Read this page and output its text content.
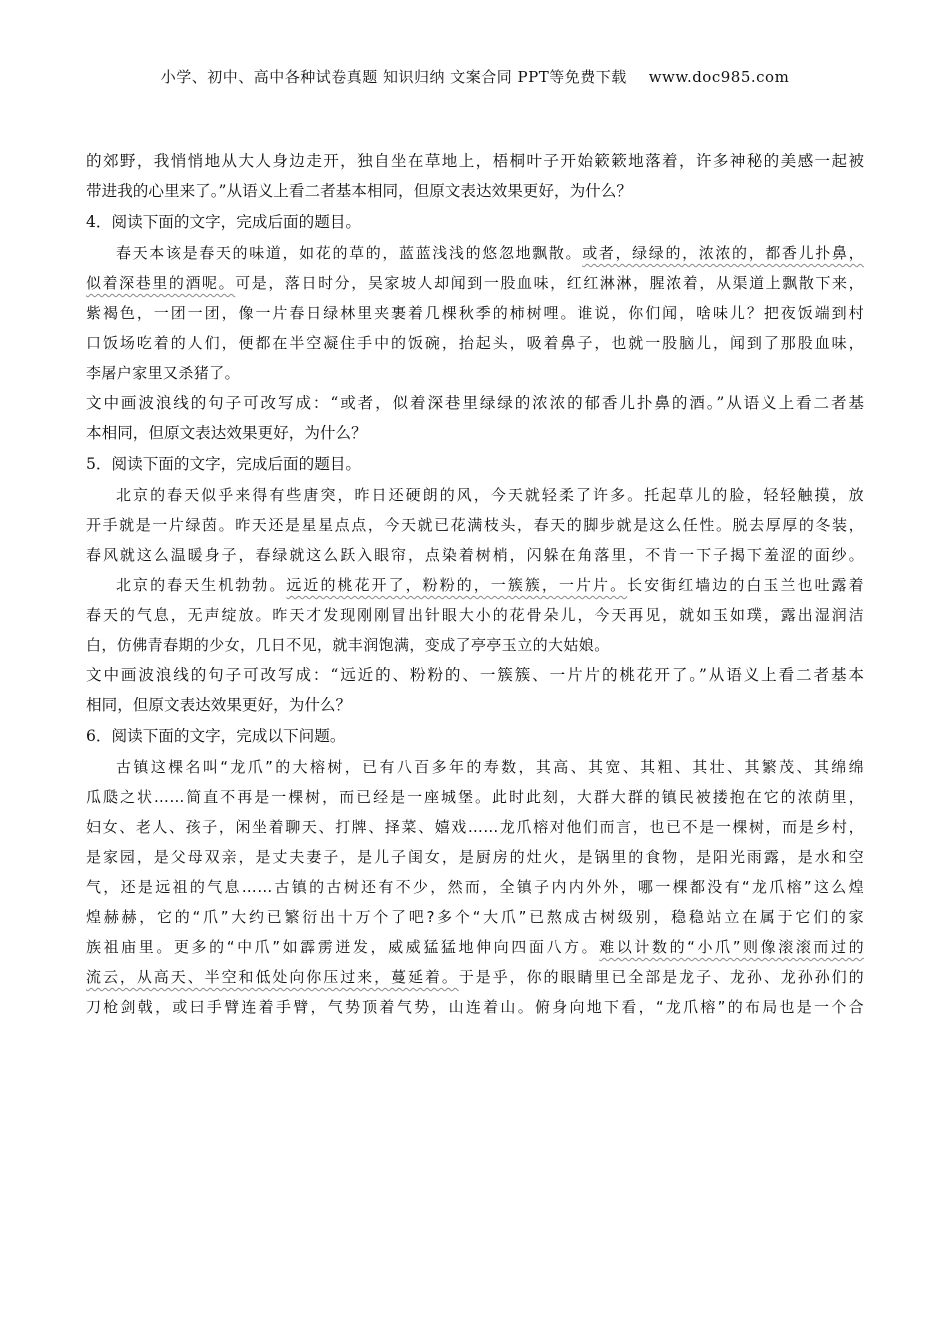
小学、初中、高中各种试卷真题 知识归纳 文案合同 PPT等免费下载 www.doc985.com
的郊野，我悄悄地从大人身边走开，独自坐在草地上，梧桐叶子开始簌簌地落着，许多神秘的美感一起被
带进我的心里来了。”从语义上看二者基本相同，但原文表达效果更好，为什么？
4．阅读下面的文字，完成后面的题目。
春天本该是春天的味道，如花的草的，蓝蓝浅浅的悠忽地飘散。或者，绿绿的，浓浓的，都香儿扑鼻，
似着深巷里的酒呢。可是，落日时分，吴家坡人却闻到一股血味，红红淋淋，腥浓着，从渠道上飘散下来，
紫褐色，一团一团，像一片春日绿林里夹裹着几棵秋季的柿树哩。谁说，你们闻，啥味儿？把夜饭端到村
口饭场吃着的人们，便都在半空凝住手中的饭碗，抬起头，吸着鼻子，也就一股脑儿，闻到了那股血味，
李屠户家里又杀猪了。
文中画波浪线的句子可改写成：“或者，似着深巷里绿绿的浓浓的郁香儿扑鼻的酒。”从语义上看二者基
本相同，但原文表达效果更好，为什么？
5．阅读下面的文字，完成后面的题目。
北京的春天似乎来得有些唐突，昨日还硬朗的风，今天就轻柔了许多。托起草儿的脸，轻轻触摸，放
开手就是一片绿茵。昨天还是星星点点，今天就已花满枝头，春天的脚步就是这么任性。脱去厚厚的冬装，
春风就这么温暖身子，春绿就这么跃入眼帘，点染着树梢，闪躲在角落里，不肯一下子揭下羞涩的面纱。
北京的春天生机勃勃。远近的桃花开了，粉粉的，一簇簇，一片片。长安街红墙边的白玉兰也吐露着
春天的气息，无声绽放。昨天才发现刚刚冒出针眼大小的花骨朵儿，今天再见，就如玉如璞，露出湿润洁
白，仿佛青春期的少女，几日不见，就丰润饱满，变成了亭亭玉立的大姑娘。
文中画波浪线的句子可改写成：“远近的、粉粉的、一簇簇、一片片的桃花开了。”从语义上看二者基本
相同，但原文表达效果更好，为什么？
6．阅读下面的文字，完成以下问题。
古镇这棵名叫“龙爪”的大榕树，已有八百多年的寿数，其高、其宽、其粗、其壮、其繁茂、其绵绵
瓜瓞之状……简直不再是一棵树，而已经是一座城堡。此时此刻，大群大群的镇民被搂抱在它的浓荫里，
妇女、老人、孩子，闲坐着聊天、打牌、择菜、嬉戏……龙爪榕对他们而言，也已不是一棵树，而是乡村，
是家园，是父母双亲，是丈夫妻子，是儿子闺女，是厨房的灶火，是锅里的食物，是阳光雨露，是水和空
气，还是远祖的气息……古镇的古树还有不少，然而，全镇子内内外外，哪一棵都没有“龙爪榕”这么煌
煌赫赫，它的“爪”大约已繁衍出十万个了吧?多个“大爪”已熬成古树级别，稳稳站立在属于它们的家
族祖庙里。更多的“中爪”如霹雳迸发，威威猛猛地伸向四面八方。难以计数的“小爪”则像滚滚而过的
流云，从高天、半空和低处向你压过来，蔓延着。于是乎，你的眼睛里已全部是龙子、龙孙、龙孙孙们的
刀枪剑戟，或曰手臂连着手臂，气势顶着气势，山连着山。俯身向地下看，“龙爪榕”的布局也是一个合
